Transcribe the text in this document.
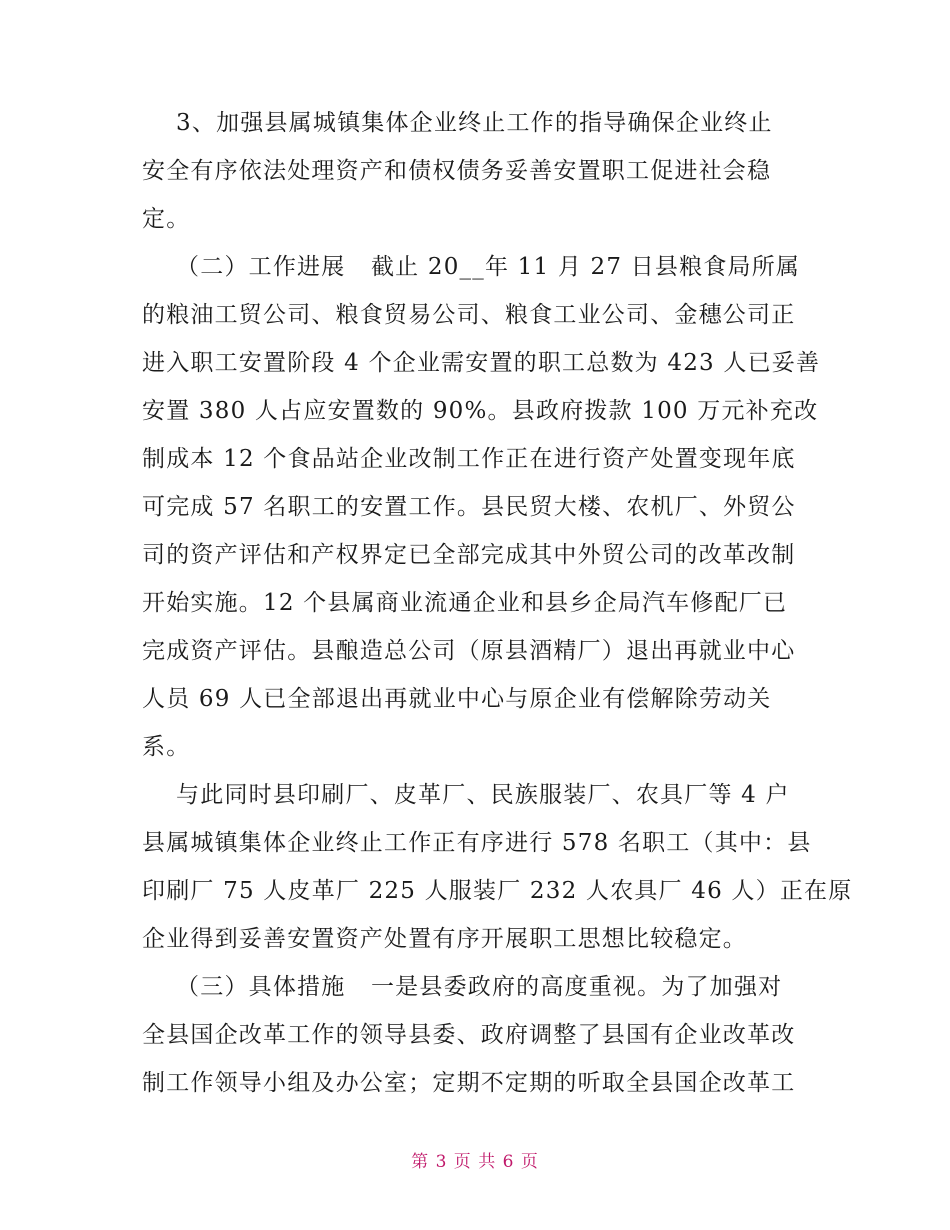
3、加强县属城镇集体企业终止工作的指导确保企业终止
安全有序依法处理资产和债权债务妥善安置职工促进社会稳
定。
（二）工作进展   截止 20__年 11 月 27 日县粮食局所属
的粮油工贸公司、粮食贸易公司、粮食工业公司、金穗公司正
进入职工安置阶段 4 个企业需安置的职工总数为 423 人已妥善
安置 380 人占应安置数的 90%。县政府拨款 100 万元补充改
制成本 12 个食品站企业改制工作正在进行资产处置变现年底
可完成 57 名职工的安置工作。县民贸大楼、农机厂、外贸公
司的资产评估和产权界定已全部完成其中外贸公司的改革改制
开始实施。12 个县属商业流通企业和县乡企局汽车修配厂已
完成资产评估。县酿造总公司（原县酒精厂）退出再就业中心
人员 69 人已全部退出再就业中心与原企业有偿解除劳动关
系。
与此同时县印刷厂、皮革厂、民族服装厂、农具厂等 4 户
县属城镇集体企业终止工作正有序进行 578 名职工（其中：县
印刷厂 75 人皮革厂 225 人服装厂 232 人农具厂 46 人）正在原
企业得到妥善安置资产处置有序开展职工思想比较稳定。
（三）具体措施   一是县委政府的高度重视。为了加强对
全县国企改革工作的领导县委、政府调整了县国有企业改革改
制工作领导小组及办公室；定期不定期的听取全县国企改革工
第 3 页 共 6 页
